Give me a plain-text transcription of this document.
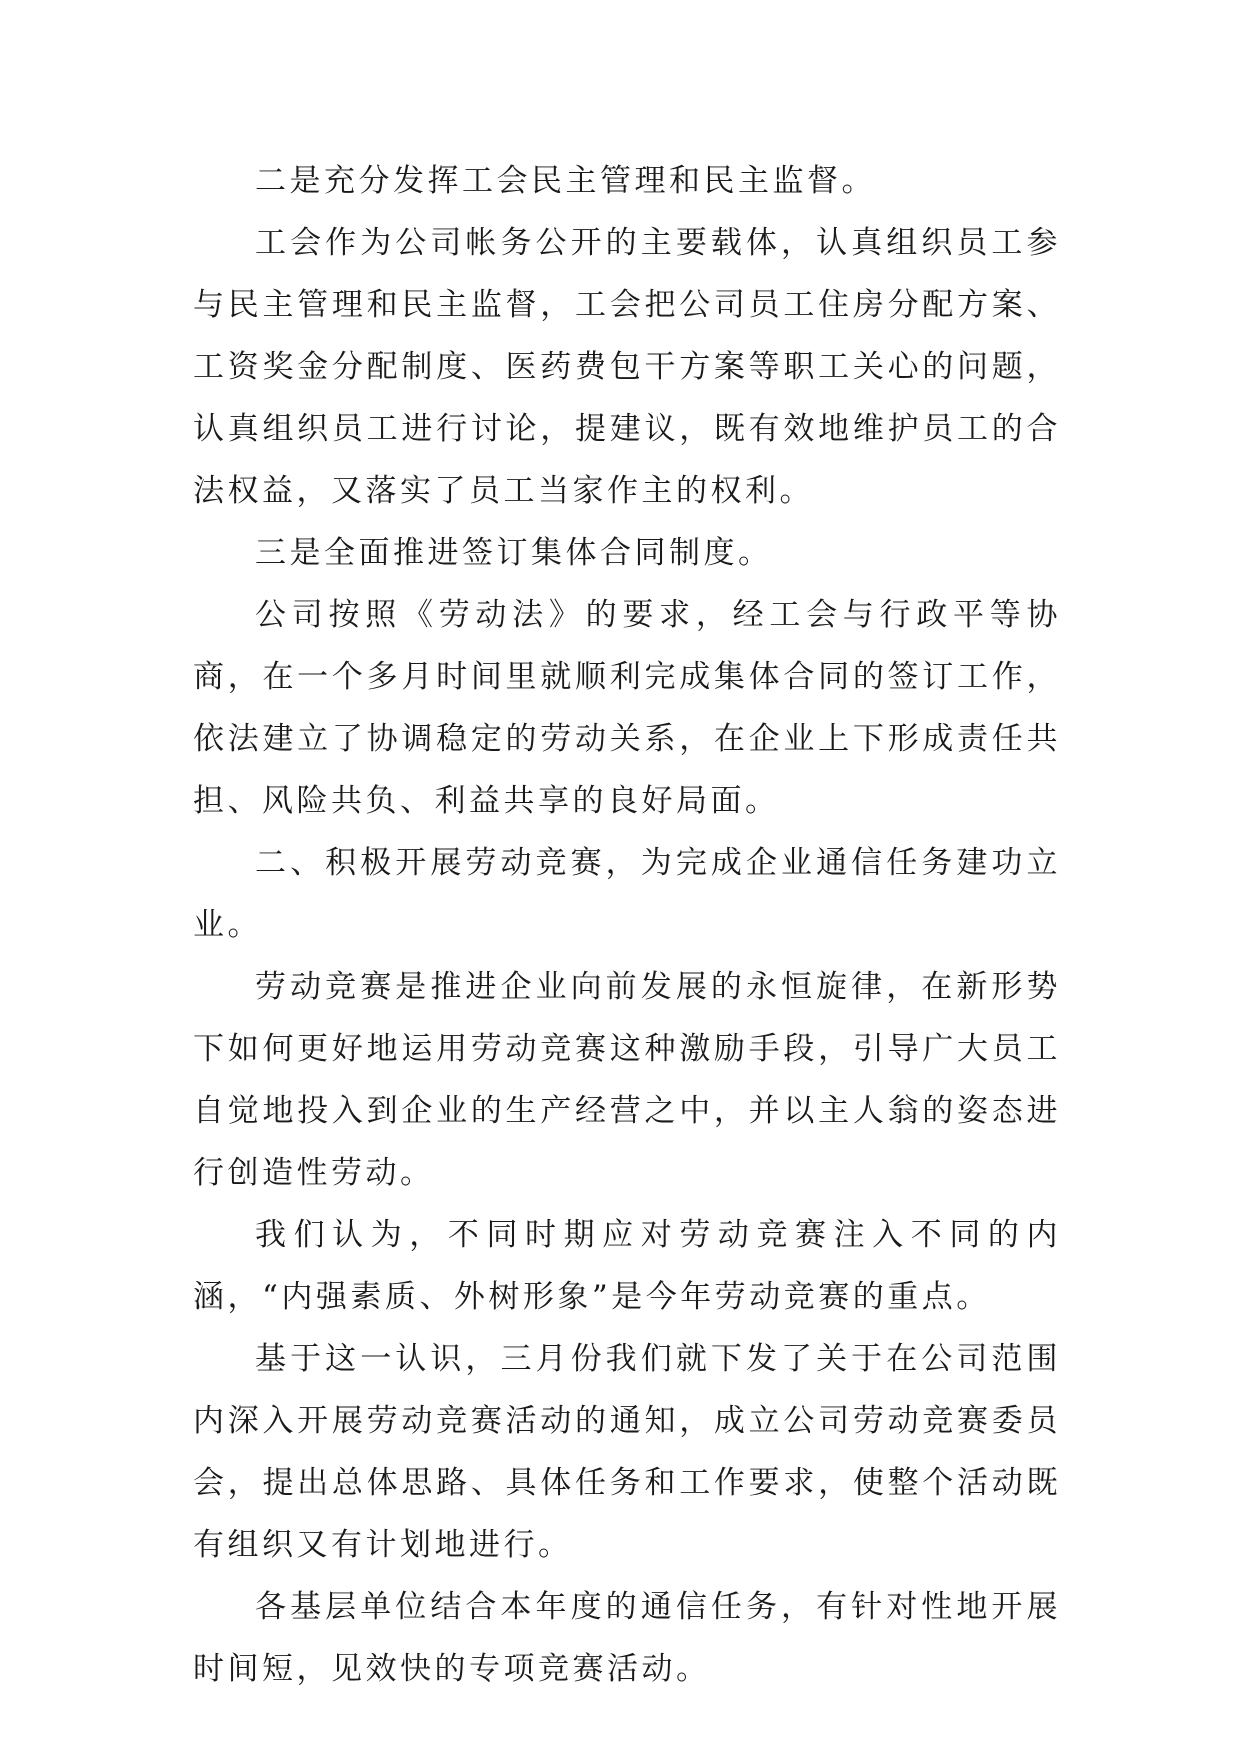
二是充分发挥工会民主管理和民主监督。

工会作为公司帐务公开的主要载体，认真组织员工参与民主管理和民主监督，工会把公司员工住房分配方案、工资奖金分配制度、医药费包干方案等职工关心的问题，认真组织员工进行讨论，提建议，既有效地维护员工的合法权益，又落实了员工当家作主的权利。

三是全面推进签订集体合同制度。

公司按照《劳动法》的要求，经工会与行政平等协商，在一个多月时间里就顺利完成集体合同的签订工作，依法建立了协调稳定的劳动关系，在企业上下形成责任共担、风险共负、利益共享的良好局面。

二、积极开展劳动竞赛，为完成企业通信任务建功立业。

劳动竞赛是推进企业向前发展的永恒旋律，在新形势下如何更好地运用劳动竞赛这种激励手段，引导广大员工自觉地投入到企业的生产经营之中，并以主人翁的姿态进行创造性劳动。

我们认为，不同时期应对劳动竞赛注入不同的内涵，“内强素质、外树形象”是今年劳动竞赛的重点。

基于这一认识，三月份我们就下发了关于在公司范围内深入开展劳动竞赛活动的通知，成立公司劳动竞赛委员会，提出总体思路、具体任务和工作要求，使整个活动既有组织又有计划地进行。

各基层单位结合本年度的通信任务，有针对性地开展时间短，见效快的专项竞赛活动。
